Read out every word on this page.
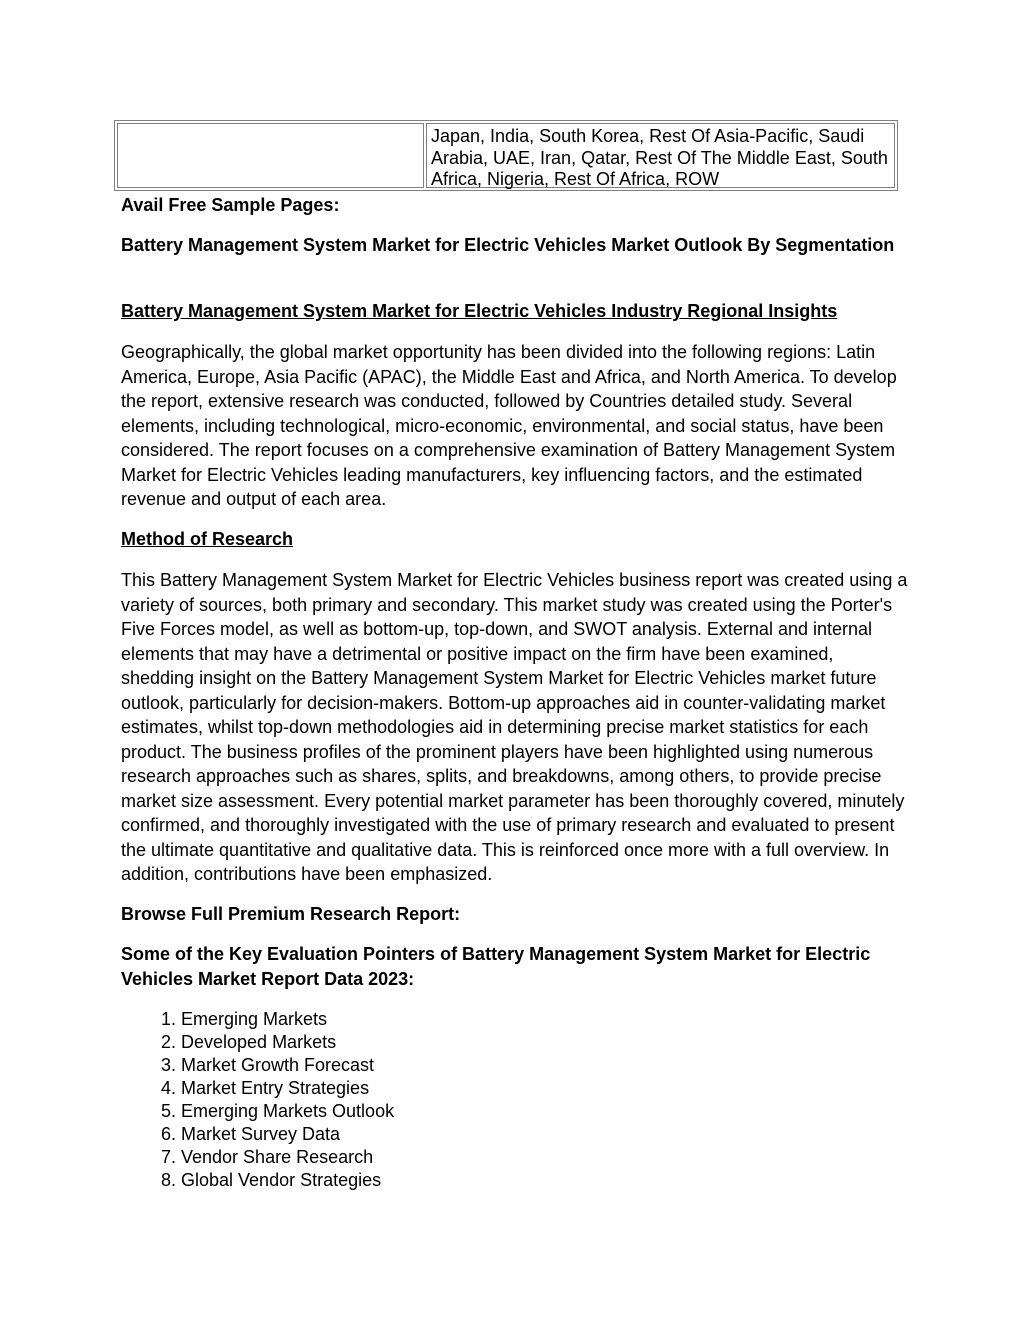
Japan, India, South Korea, Rest Of Asia-Pacific, Saudi Arabia, UAE, Iran, Qatar, Rest Of The Middle East, South Africa, Nigeria, Rest Of Africa, ROW

Avail Free Sample Pages:

Battery Management System Market for Electric Vehicles Market Outlook By Segmentation

Battery Management System Market for Electric Vehicles Industry Regional Insights

Geographically, the global market opportunity has been divided into the following regions: Latin America, Europe, Asia Pacific (APAC), the Middle East and Africa, and North America. To develop the report, extensive research was conducted, followed by Countries detailed study. Several elements, including technological, micro-economic, environmental, and social status, have been considered. The report focuses on a comprehensive examination of Battery Management System Market for Electric Vehicles leading manufacturers, key influencing factors, and the estimated revenue and output of each area.

Method of Research

This Battery Management System Market for Electric Vehicles business report was created using a variety of sources, both primary and secondary. This market study was created using the Porter's Five Forces model, as well as bottom-up, top-down, and SWOT analysis. External and internal elements that may have a detrimental or positive impact on the firm have been examined, shedding insight on the Battery Management System Market for Electric Vehicles market future outlook, particularly for decision-makers. Bottom-up approaches aid in counter-validating market estimates, whilst top-down methodologies aid in determining precise market statistics for each product. The business profiles of the prominent players have been highlighted using numerous research approaches such as shares, splits, and breakdowns, among others, to provide precise market size assessment. Every potential market parameter has been thoroughly covered, minutely confirmed, and thoroughly investigated with the use of primary research and evaluated to present the ultimate quantitative and qualitative data. This is reinforced once more with a full overview. In addition, contributions have been emphasized.

Browse Full Premium Research Report:

Some of the Key Evaluation Pointers of Battery Management System Market for Electric Vehicles Market Report Data 2023:

1. Emerging Markets
2. Developed Markets
3. Market Growth Forecast
4. Market Entry Strategies
5. Emerging Markets Outlook
6. Market Survey Data
7. Vendor Share Research
8. Global Vendor Strategies
